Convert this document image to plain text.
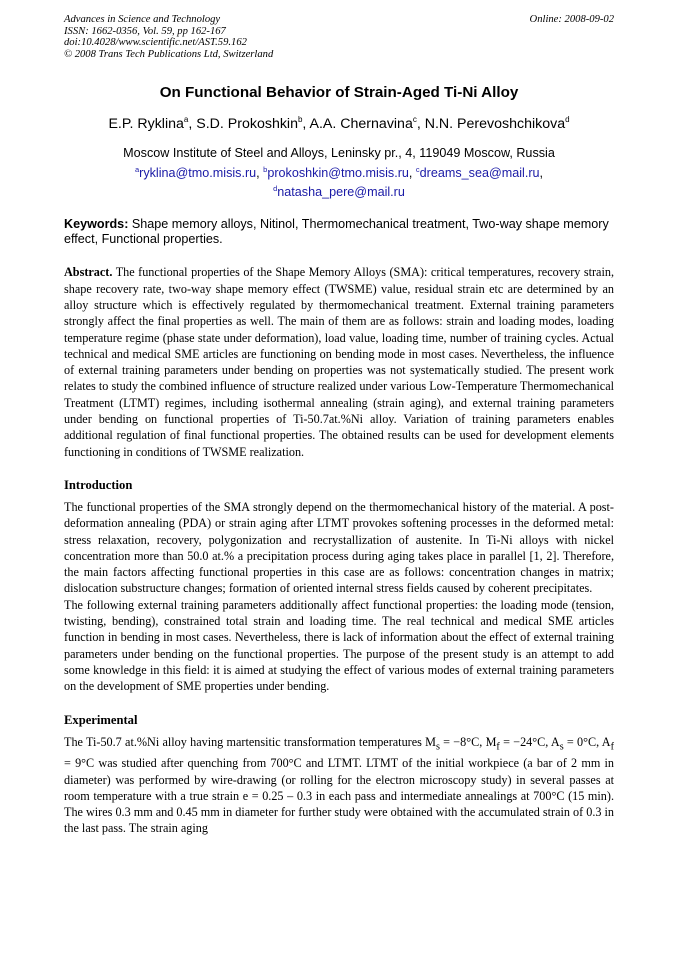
Advances in Science and Technology
ISSN: 1662-0356, Vol. 59, pp 162-167
doi:10.4028/www.scientific.net/AST.59.162
© 2008 Trans Tech Publications Ltd, Switzerland
Online: 2008-09-02
On Functional Behavior of Strain-Aged Ti-Ni Alloy
E.P. Ryklina$^a$, S.D. Prokoshkin$^b$, A.A. Chernavina$^c$, N.N. Perevoshchikova$^d$
Moscow Institute of Steel and Alloys, Leninsky pr., 4, 119049 Moscow, Russia
$^a$ryklina@tmo.misis.ru, $^b$prokoshkin@tmo.misis.ru, $^c$dreams_sea@mail.ru,
$^d$natasha_pere@mail.ru
Keywords: Shape memory alloys, Nitinol, Thermomechanical treatment, Two-way shape memory effect, Functional properties.
Abstract. The functional properties of the Shape Memory Alloys (SMA): critical temperatures, recovery strain, shape recovery rate, two-way shape memory effect (TWSME) value, residual strain etc are determined by an alloy structure which is effectively regulated by thermomechanical treatment. External training parameters strongly affect the final properties as well. The main of them are as follows: strain and loading modes, loading temperature regime (phase state under deformation), load value, loading time, number of training cycles. Actual technical and medical SME articles are functioning on bending mode in most cases. Nevertheless, the influence of external training parameters under bending on properties was not systematically studied. The present work relates to study the combined influence of structure realized under various Low-Temperature Thermomechanical Treatment (LTMT) regimes, including isothermal annealing (strain aging), and external training parameters under bending on functional properties of Ti-50.7at.%Ni alloy. Variation of training parameters enables additional regulation of final functional properties. The obtained results can be used for development elements functioning in conditions of TWSME realization.
Introduction

The functional properties of the SMA strongly depend on the thermomechanical history of the material. A post-deformation annealing (PDA) or strain aging after LTMT provokes softening processes in the deformed metal: stress relaxation, recovery, polygonization and recrystallization of austenite. In Ti-Ni alloys with nickel concentration more than 50.0 at.% a precipitation process during aging takes place in parallel [1, 2]. Therefore, the main factors affecting functional properties in this case are as follows: concentration changes in matrix; dislocation substructure changes; formation of oriented internal stress fields caused by coherent precipitates.

The following external training parameters additionally affect functional properties: the loading mode (tension, twisting, bending), constrained total strain and loading time. The real technical and medical SME articles function in bending in most cases. Nevertheless, there is lack of information about the effect of external training parameters under bending on the functional properties. The purpose of the present study is an attempt to add some knowledge in this field: it is aimed at studying the effect of various modes of external training parameters on the development of SME properties under bending.

Experimental

The Ti-50.7 at.%Ni alloy having martensitic transformation temperatures $M_s = -8^\circ C$, $M_f = -24^\circ C$, $A_s = 0^\circ C$, $A_f = 9^\circ C$ was studied after quenching from 700°C and LTMT. LTMT of the initial workpiece (a bar of 2 mm in diameter) was performed by wire-drawing (or rolling for the electron microscopy study) in several passes at room temperature with a true strain e = 0.25 – 0.3 in each pass and intermediate annealings at 700°C (15 min). The wires 0.3 mm and 0.45 mm in diameter for further study were obtained with the accumulated strain of 0.3 in the last pass. The strain aging
